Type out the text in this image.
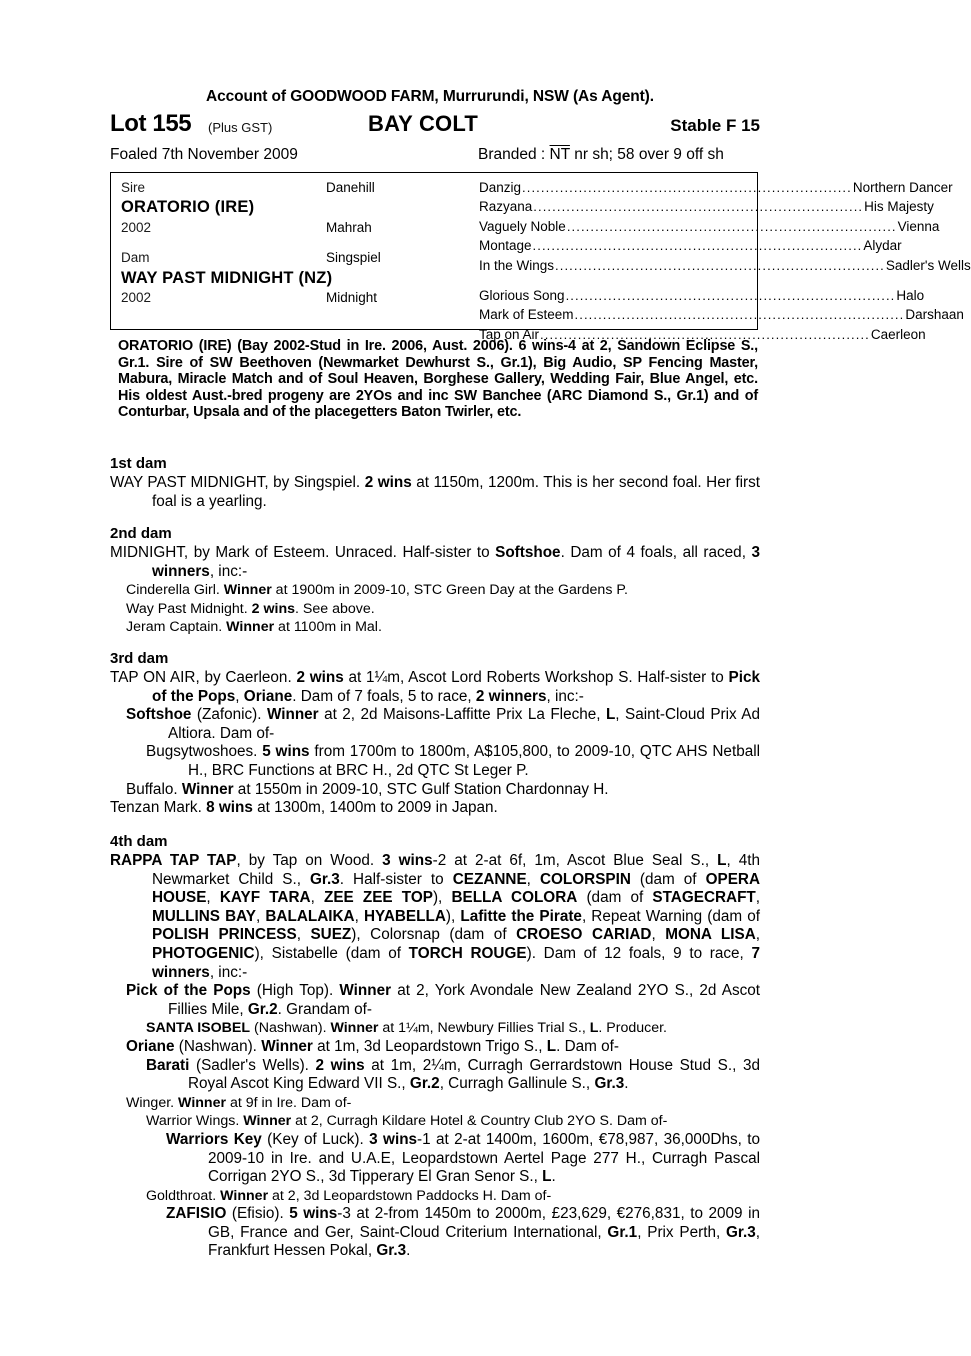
Account of GOODWOOD FARM, Murrurundi, NSW (As Agent).
Lot 155 (Plus GST)	BAY COLT	Stable F 15
Foaled 7th November 2009	Branded : $\overline{NT}$ nr sh; 58 over 9 off sh
Sire	Danehill
ORATORIO (IRE)
2002	Mahrah
Dam	Singspiel
WAY PAST MIDNIGHT (NZ)
2002	Midnight
Danzig ...................................................................... Northern Dancer
Razyana ...................................................................... His Majesty
Vaguely Noble ...................................................................... Vienna
Montage ...................................................................... Alydar
In the Wings ...................................................................... Sadler's Wells
Glorious Song ...................................................................... Halo
Mark of Esteem ...................................................................... Darshaan
Tap on Air ...................................................................... Caerleon
ORATORIO (IRE) (Bay 2002-Stud in Ire. 2006, Aust. 2006). 6 wins-4 at 2, Sandown Eclipse S., Gr.1. Sire of SW Beethoven (Newmarket Dewhurst S., Gr.1), Big Audio, SP Fencing Master, Mabura, Miracle Match and of Soul Heaven, Borghese Gallery, Wedding Fair, Blue Angel, etc. His oldest Aust.-bred progeny are 2YOs and inc SW Banchee (ARC Diamond S., Gr.1) and of Conturbar, Upsala and of the placegetters Baton Twirler, etc.
1st dam

WAY PAST MIDNIGHT, by Singspiel. 2 wins at 1150m, 1200m. This is her second foal. Her first foal is a yearling.

2nd dam

MIDNIGHT, by Mark of Esteem. Unraced. Half-sister to Softshoe. Dam of 4 foals, all raced, 3 winners, inc:-

Cinderella Girl. Winner at 1900m in 2009-10, STC Green Day at the Gardens P.

Way Past Midnight. 2 wins. See above.

Jeram Captain. Winner at 1100m in Mal.

3rd dam

TAP ON AIR, by Caerleon. 2 wins at 1¼m, Ascot Lord Roberts Workshop S. Half-sister to Pick of the Pops, Oriane. Dam of 7 foals, 5 to race, 2 winners, inc:-

Softshoe (Zafonic). Winner at 2, 2d Maisons-Laffitte Prix La Fleche, L, Saint-Cloud Prix Ad Altiora. Dam of-

Bugsytwoshoes. 5 wins from 1700m to 1800m, A$105,800, to 2009-10, QTC AHS Netball H., BRC Functions at BRC H., 2d QTC St Leger P.

Buffalo. Winner at 1550m in 2009-10, STC Gulf Station Chardonnay H.

Tenzan Mark. 8 wins at 1300m, 1400m to 2009 in Japan.

4th dam

RAPPA TAP TAP, by Tap on Wood. 3 wins-2 at 2-at 6f, 1m, Ascot Blue Seal S., L, 4th Newmarket Child S., Gr.3. Half-sister to CEZANNE, COLORSPIN (dam of OPERA HOUSE, KAYF TARA, ZEE ZEE TOP), BELLA COLORA (dam of STAGECRAFT, MULLINS BAY, BALALAIKA, HYABELLA), Lafitte the Pirate, Repeat Warning (dam of POLISH PRINCESS, SUEZ), Colorsnap (dam of CROESO CARIAD, MONA LISA, PHOTOGENIC), Sistabelle (dam of TORCH ROUGE). Dam of 12 foals, 9 to race, 7 winners, inc:-

Pick of the Pops (High Top). Winner at 2, York Avondale New Zealand 2YO S., 2d Ascot Fillies Mile, Gr.2. Grandam of-

SANTA ISOBEL (Nashwan). Winner at 1¼m, Newbury Fillies Trial S., L. Producer.

Oriane (Nashwan). Winner at 1m, 3d Leopardstown Trigo S., L. Dam of-

Barati (Sadler's Wells). 2 wins at 1m, 2¼m, Curragh Gerrardstown House Stud S., 3d Royal Ascot King Edward VII S., Gr.2, Curragh Gallinule S., Gr.3.

Winger. Winner at 9f in Ire. Dam of-

Warrior Wings. Winner at 2, Curragh Kildare Hotel & Country Club 2YO S. Dam of-

Warriors Key (Key of Luck). 3 wins-1 at 2-at 1400m, 1600m, €78,987, 36,000Dhs, to 2009-10 in Ire. and U.A.E, Leopardstown Aertel Page 277 H., Curragh Pascal Corrigan 2YO S., 3d Tipperary El Gran Senor S., L.

Goldthroat. Winner at 2, 3d Leopardstown Paddocks H. Dam of-

ZAFISIO (Efisio). 5 wins-3 at 2-from 1450m to 2000m, £23,629, €276,831, to 2009 in GB, France and Ger, Saint-Cloud Criterium International, Gr.1, Prix Perth, Gr.3, Frankfurt Hessen Pokal, Gr.3.
